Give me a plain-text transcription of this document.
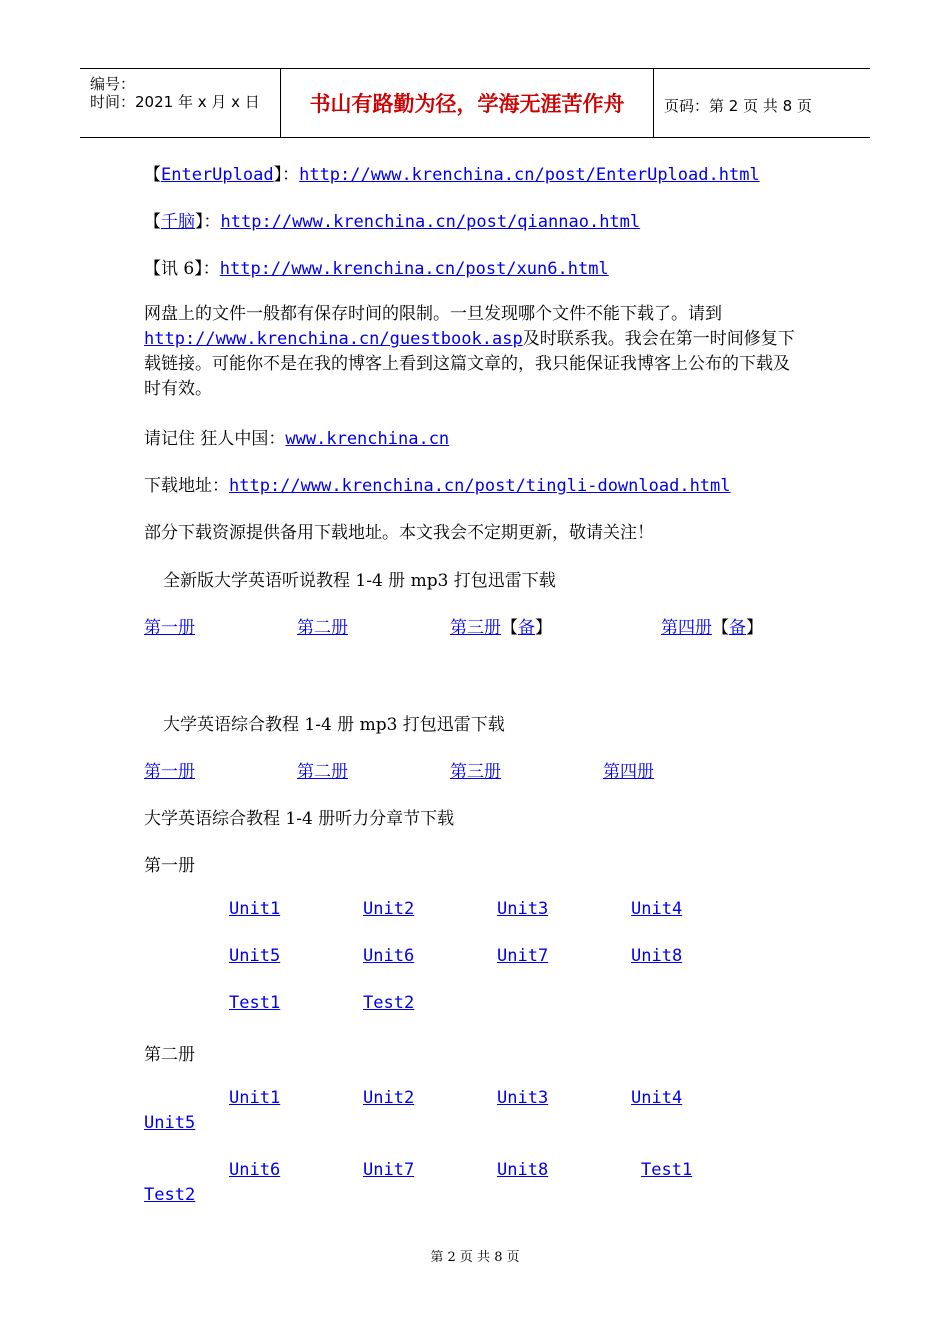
编号：
时间：2021 年 x 月 x 日	书山有路勤为径，学海无涯苦作舟	页码：第 2 页 共 8 页
【EnterUpload】：http://www.krenchina.cn/post/EnterUpload.html
【千脑】：http://www.krenchina.cn/post/qiannao.html
【讯 6】：http://www.krenchina.cn/post/xun6.html
网盘上的文件一般都有保存时间的限制。一旦发现哪个文件不能下载了。请到http://www.krenchina.cn/guestbook.asp及时联系我。我会在第一时间修复下载链接。可能你不是在我的博客上看到这篇文章的，我只能保证我博客上公布的下载及时有效。
请记住 狂人中国：www.krenchina.cn
下载地址：http://www.krenchina.cn/post/tingli-download.html
部分下载资源提供备用下载地址。本文我会不定期更新，敬请关注！
全新版大学英语听说教程 1-4 册 mp3 打包迅雷下载
第一册	第二册	第三册【备】	第四册【备】
大学英语综合教程 1-4 册 mp3 打包迅雷下载
第一册	第二册	第三册	第四册
大学英语综合教程 1-4 册听力分章节下载
第一册
Unit1	Unit2	Unit3	Unit4
Unit5	Unit6	Unit7	Unit8
Test1	Test2
第二册
Unit1	Unit2	Unit3	Unit4
Unit5
Unit6	Unit7	Unit8	Test1
Test2
第 2 页 共 8 页
